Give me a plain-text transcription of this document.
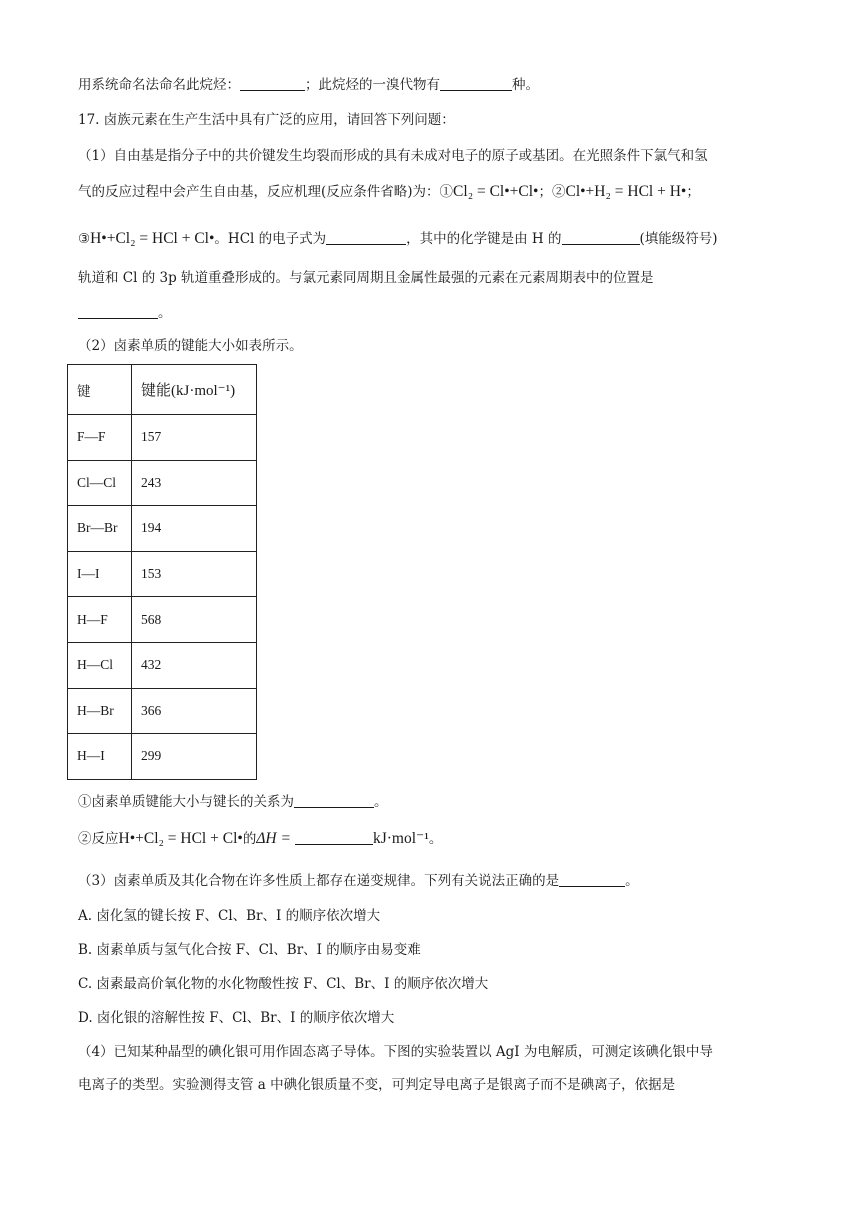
用系统命名法命名此烷烃：	；此烷烃的一溴代物有	种。
17. 卤族元素在生产生活中具有广泛的应用，请回答下列问题：
（1）自由基是指分子中的共价键发生均裂而形成的具有未成对电子的原子或基团。在光照条件下氯气和氢
气的反应过程中会产生自由基，反应机理(反应条件省略)为：①Cl₂ = Cl•+Cl•；②Cl•+H₂ = HCl + H•；
③H•+Cl₂ = HCl + Cl•。HCl 的电子式为	，其中的化学键是由 H 的	(填能级符号)
轨道和 Cl 的 3p 轨道重叠形成的。与氯元素同周期且金属性最强的元素在元素周期表中的位置是
。
（2）卤素单质的键能大小如表所示。
键	键能(kJ·mol⁻¹)
F—F	157
Cl—Cl	243
Br—Br	194
I—I	153
H—F	568
H—Cl	432
H—Br	366
H—I	299
①卤素单质键能大小与键长的关系为	。
②反应H•+Cl₂ = HCl + Cl•的ΔH =	kJ·mol⁻¹。
（3）卤素单质及其化合物在许多性质上都存在递变规律。下列有关说法正确的是	。
A. 卤化氢的键长按 F、Cl、Br、I 的顺序依次增大
B. 卤素单质与氢气化合按 F、Cl、Br、I 的顺序由易变难
C. 卤素最高价氧化物的水化物酸性按 F、Cl、Br、I 的顺序依次增大
D. 卤化银的溶解性按 F、Cl、Br、I 的顺序依次增大
（4）已知某种晶型的碘化银可用作固态离子导体。下图的实验装置以 AgI 为电解质，可测定该碘化银中导
电离子的类型。实验测得支管 a 中碘化银质量不变，可判定导电离子是银离子而不是碘离子，依据是
